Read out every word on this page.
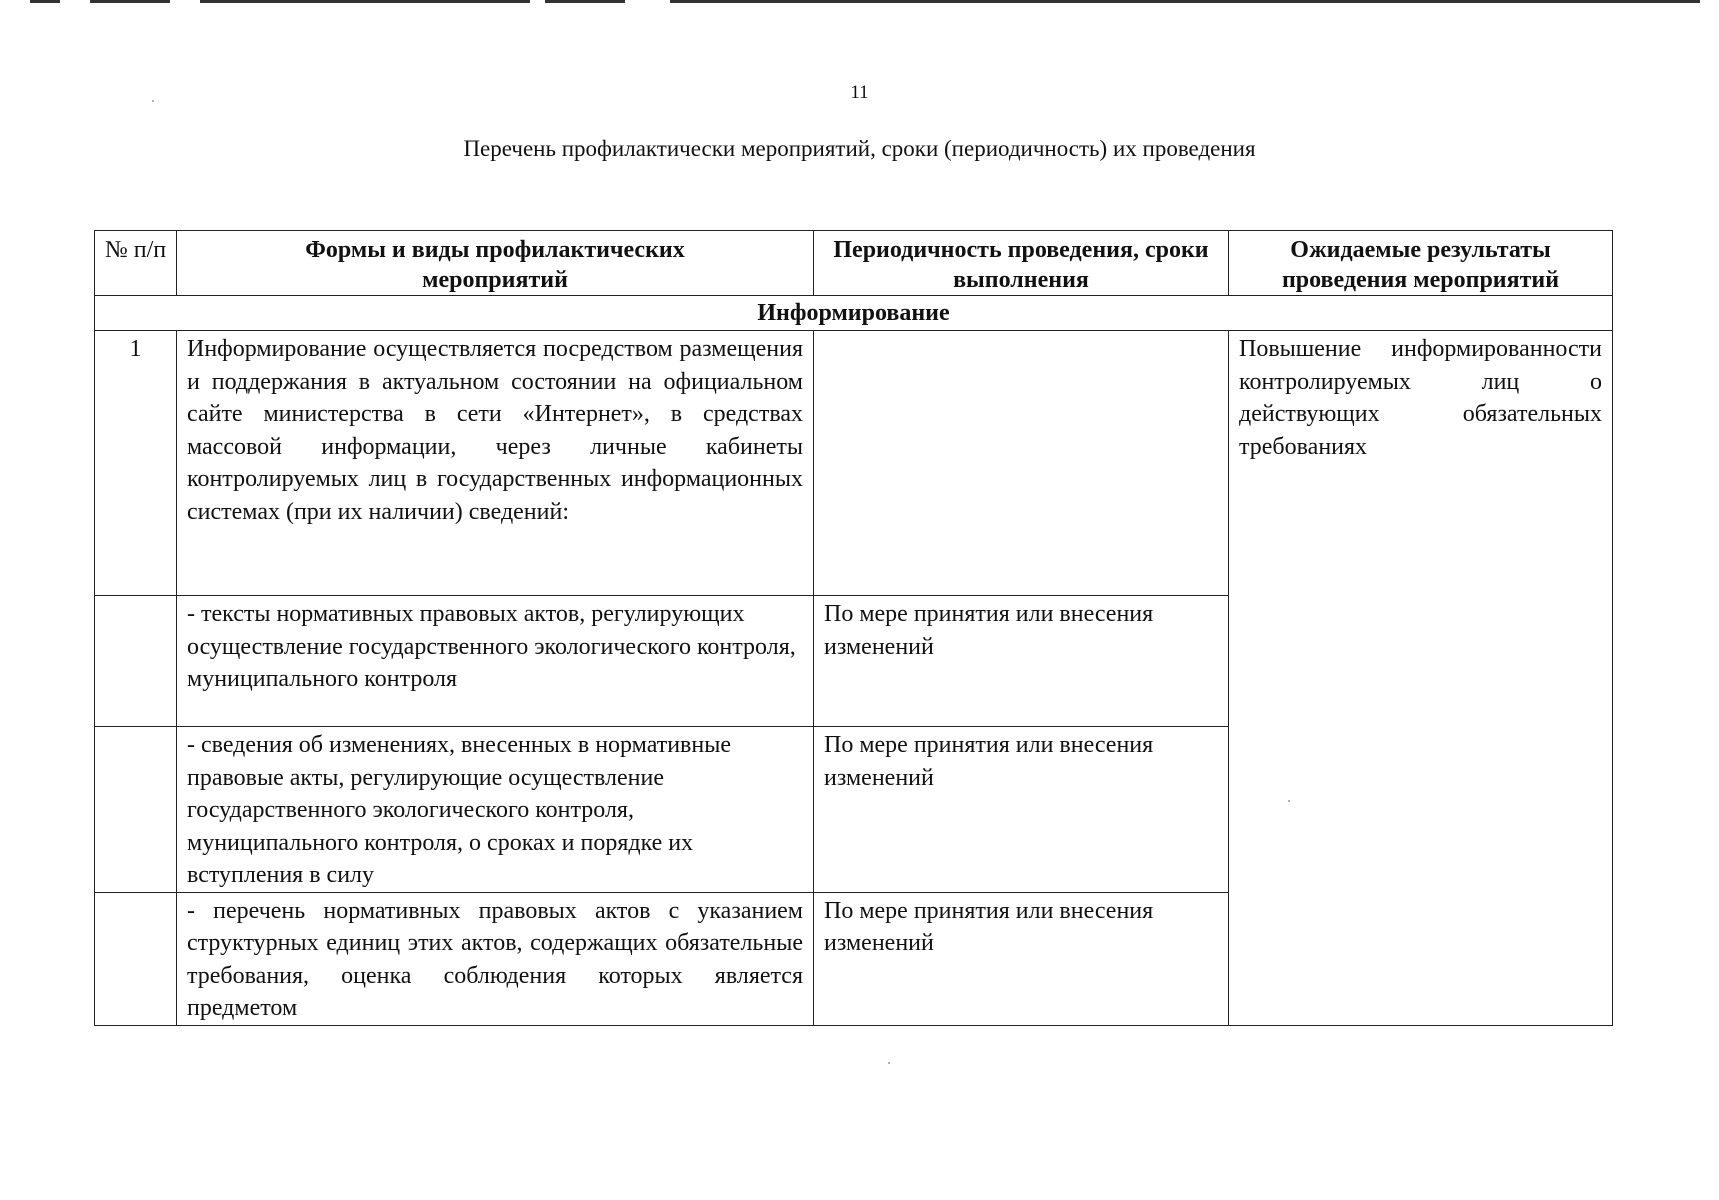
11
Перечень профилактически мероприятий, сроки (периодичность) их проведения
№ п/п	Формы и виды профилактических мероприятий	Периодичность проведения, сроки выполнения	Ожидаемые результаты проведения мероприятий
Информирование			
1	Информирование осуществляется посредством размещения и поддержания в актуальном состоянии на официальном сайте министерства в сети «Интернет», в средствах массовой информации, через личные кабинеты контролируемых лиц в государственных информационных системах (при их наличии) сведений:		Повышение информированности контролируемых лиц о действующих обязательных требованиях
	- тексты нормативных правовых актов, регулирующих осуществление государственного экологического контроля, муниципального контроля	По мере принятия или внесения изменений	
	- сведения об изменениях, внесенных в нормативные правовые акты, регулирующие осуществление государственного экологического контроля, муниципального контроля, о сроках и порядке их вступления в силу	По мере принятия или внесения изменений	

	- перечень нормативных правовых актов с указанием структурных единиц этих актов, содержащих обязательные требования, оценка соблюдения которых является предметом	По мере принятия или внесения изменений	
